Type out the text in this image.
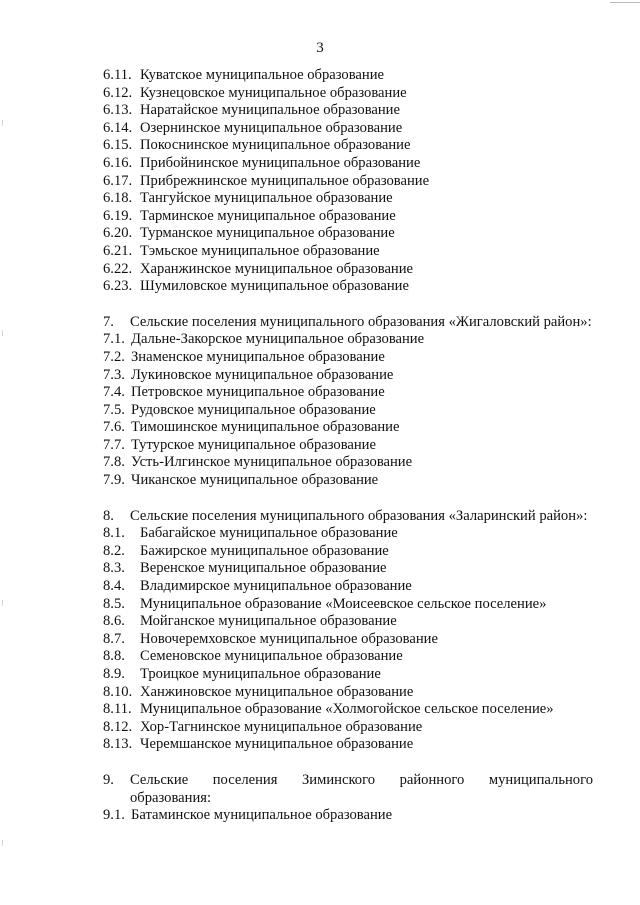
3
6.11. Куватское муниципальное образование
6.12. Кузнецовское муниципальное образование
6.13. Наратайское муниципальное образование
6.14. Озернинское муниципальное образование
6.15. Покоснинское муниципальное образование
6.16. Прибойнинское муниципальное образование
6.17. Прибрежнинское муниципальное образование
6.18. Тангуйское муниципальное образование
6.19. Тарминское муниципальное образование
6.20. Турманское муниципальное образование
6.21. Тэмьское муниципальное образование
6.22. Харанжинское муниципальное образование
6.23. Шумиловское муниципальное образование
7.	Сельские поселения муниципального образования «Жигаловский район»:
7.1. Дальне-Закорское муниципальное образование
7.2. Знаменское муниципальное образование
7.3. Лукиновское муниципальное образование
7.4. Петровское муниципальное образование
7.5. Рудовское муниципальное образование
7.6. Тимошинское муниципальное образование
7.7. Тутурское муниципальное образование
7.8. Усть-Илгинское муниципальное образование
7.9. Чиканское муниципальное образование
8.	Сельские поселения муниципального образования «Заларинский район»:
8.1.	Бабагайское муниципальное образование
8.2.	Бажирское муниципальное образование
8.3.	Веренское муниципальное образование
8.4.	Владимирское муниципальное образование
8.5.	Муниципальное образование «Моисеевское сельское поселение»
8.6.	Мойганское муниципальное образование
8.7.	Новочеремховское муниципальное образование
8.8.	Семеновское муниципальное образование
8.9.	Троицкое муниципальное образование
8.10. Ханжиновское муниципальное образование
8.11. Муниципальное образование «Холмогойское сельское поселение»
8.12. Хор-Тагнинское муниципальное образование
8.13. Черемшанское муниципальное образование
9.	Сельские поселения Зиминского районного муниципального образования:
9.1. Батаминское муниципальное образование
